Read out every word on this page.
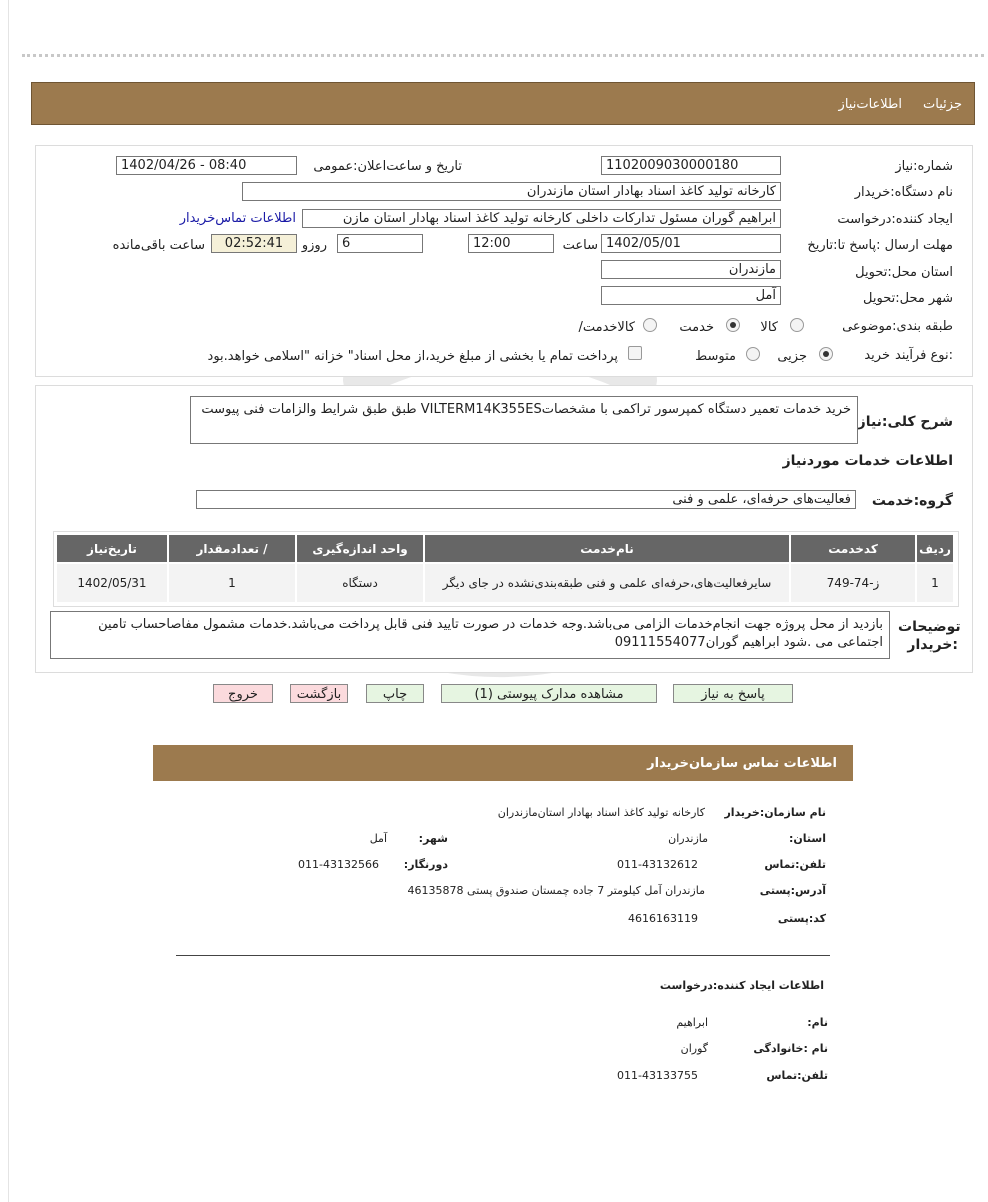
جزئیات
اطلاعات‌نیاز
شماره:نیاز
1102009030000180
تاریخ و ساعت‌اعلان:عمومی
1402/04/26 - 08:40
نام دستگاه:خریدار
کارخانه تولید کاغذ اسناد بهادار استان مازندران
ایجاد کننده:درخواست
ابراهیم گوران مسئول تدارکات داخلی کارخانه تولید کاغذ اسناد بهادار استان مازن
اطلاعات تماس‌خریدار
مهلت ارسال :پاسخ تا:تاریخ
1402/05/01
ساعت
12:00
6
روزو
02:52:41
ساعت باقی‌مانده
استان محل:تحویل
مازندران
شهر محل:تحویل
آمل
طبقه بندی:موضوعی
کالا
خدمت
/کالاخدمت
نوع فرآیند:
خرید
جزیی
متوسط
پرداخت تمام یا بخشی از مبلغ خرید،از محل اسناد" خزانه "اسلامی خواهد.بود
شرح کلی:نیاز
خرید خدمات تعمیر دستگاه کمپرسور تراکمی با مشخصاتVILTERM14K355ES طبق طبق شرایط والزامات فنی پیوست
اطلاعات خدمات موردنیاز
گروه:خدمت
فعالیت‌های حرفه‌ای، علمی و فنی
ردیف	کدخدمت	نام‌خدمت	واحد اندازه‌گیری	/ تعدادمقدار	تاریخ‌نیاز
1	ز-74-749	سایر‌فعالیت‌های،حرفه‌ای علمی و فنی طبقه‌بندی‌نشده در جای دیگر	دستگاه	1	1402/05/31
توضیحات :خریدار
بازدید از محل پروژه جهت انجام‌خدمات الزامی می‌باشد.وجه خدمات در صورت تایید فنی قابل پرداخت می‌باشد.خدمات مشمول مفاصاحساب تامین اجتماعی می .شود ابراهیم گوران09111554077
پاسخ به نیاز
مشاهده مدارک پیوستی (1)
چاپ
بازگشت
خروج
اطلاعات تماس سازمان‌خریدار
نام سازمان:خریدار
کارخانه تولید کاغذ اسناد بهادار استان‌مازندران
:استان
مازندران
:شهر
آمل
تلفن:تماس
011-43132612
:دورنگار
011-43132566
آدرس:پستی
مازندران آمل کیلومتر 7 جاده چمستان صندوق پستی 46135878
کد:پستی
4616163119
اطلاعات ایجاد کننده:درخواست
:نام
ابراهیم
نام :خانوادگی
گوران
تلفن:تماس
011-43133755
